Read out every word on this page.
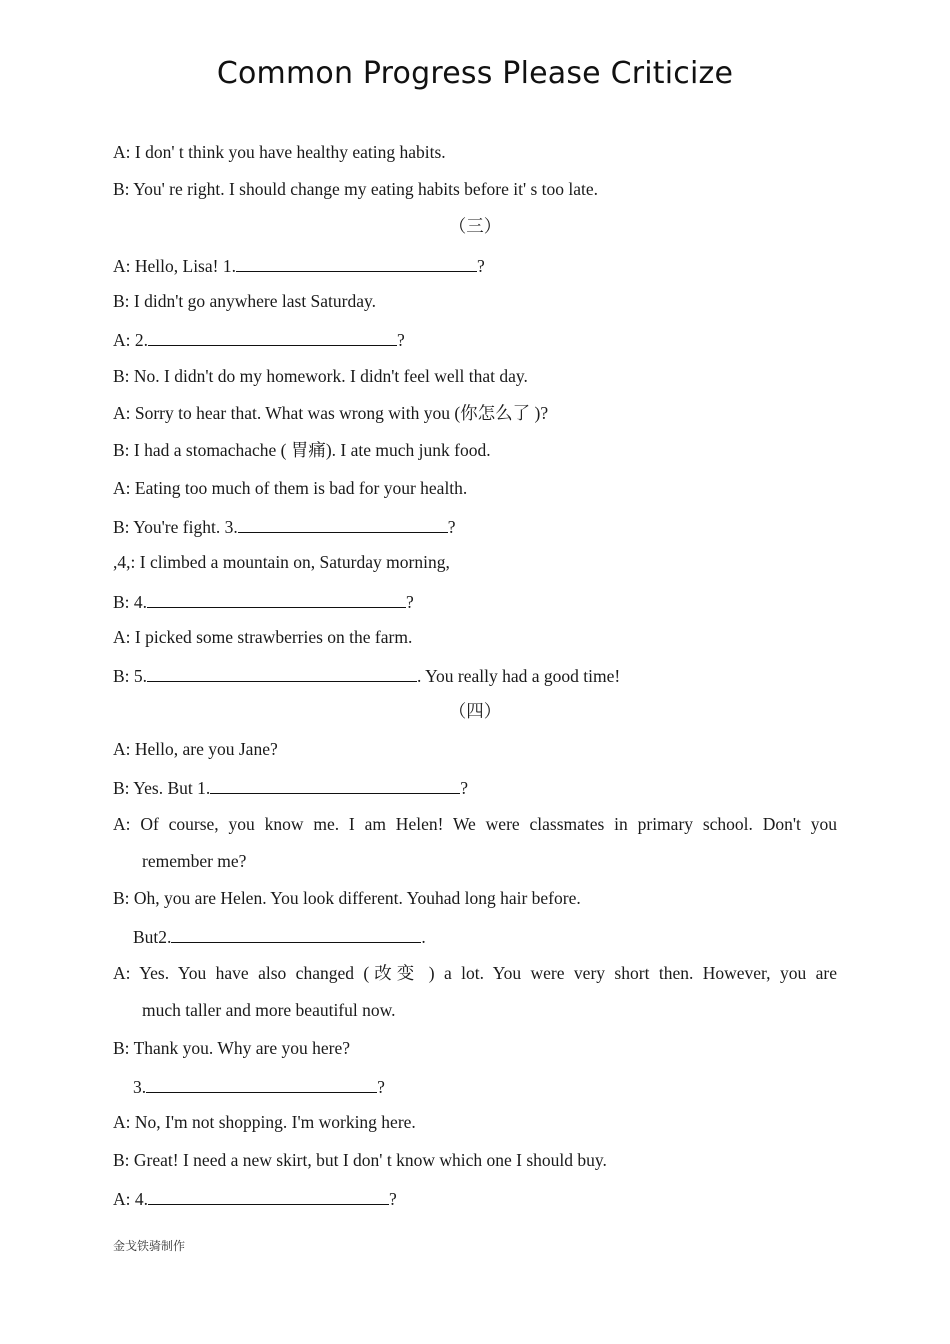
Common Progress Please Criticize
A: I don' t think you have healthy eating habits.
B: You' re right. I should change my eating habits before it' s too late.
（三）
A: Hello, Lisa! 1.	?
B: I didn't go anywhere last Saturday.
A: 2.	?
B: No. I didn't do my homework. I didn't feel well that day.
A: Sorry to hear that. What was wrong with you (你怎么了 )?
B: I had a stomachache ( 胃痛). I ate much junk food.
A: Eating too much of them is bad for your health.
B: You're fight. 3.	?
,4,: I climbed a mountain on, Saturday morning,
B: 4.	?
A: I picked some strawberries on the farm.
B: 5.	. You really had a good time!
（四）
A: Hello, are you Jane?
B: Yes. But 1.	?
A: Of course, you know me. I am Helen! We were classmates in primary school. Don't you
remember me?
B: Oh, you are Helen. You look different. Youhad long hair before.
But2.	.
A: Yes. You have also changed (改变 ) a lot. You were very short then. However, you are
much taller and more beautiful now.
B: Thank you. Why are you here?
3.	?
A: No, I'm not shopping. I'm working here.
B: Great! I need a new skirt, but I don' t know which one I should buy.
A: 4.	?
金戈铁骑制作
